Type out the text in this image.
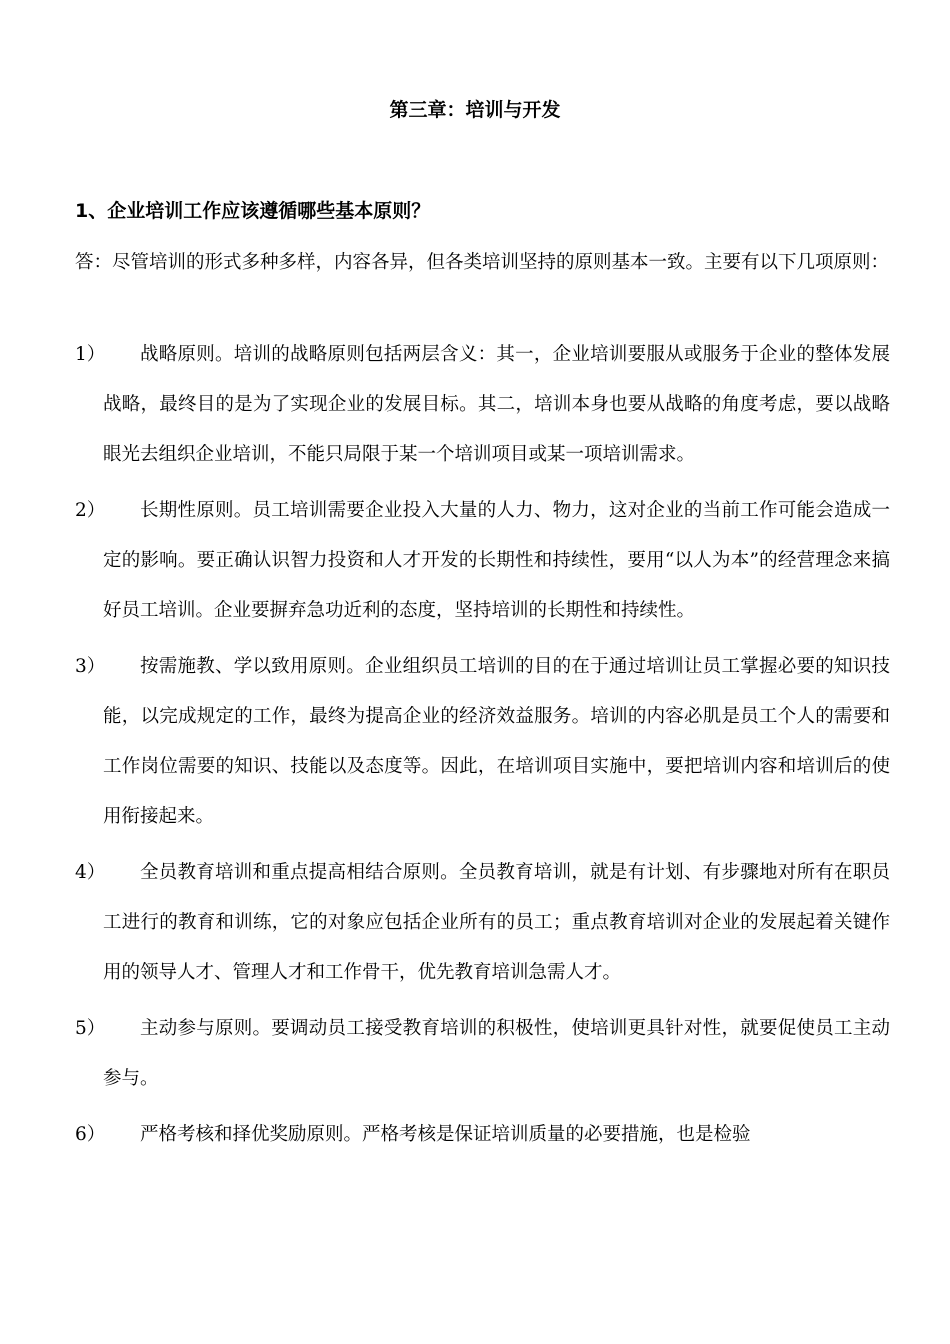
第三章：培训与开发
1、企业培训工作应该遵循哪些基本原则？
答：尽管培训的形式多种多样，内容各异，但各类培训坚持的原则基本一致。主要有以下几项原则：
1）	战略原则。培训的战略原则包括两层含义：其一，企业培训要服从或服务于企业的整体发展战略，最终目的是为了实现企业的发展目标。其二，培训本身也要从战略的角度考虑，要以战略眼光去组织企业培训，不能只局限于某一个培训项目或某一项培训需求。
2）	长期性原则。员工培训需要企业投入大量的人力、物力，这对企业的当前工作可能会造成一定的影响。要正确认识智力投资和人才开发的长期性和持续性，要用“以人为本”的经营理念来搞好员工培训。企业要摒弃急功近利的态度，坚持培训的长期性和持续性。
3）	按需施教、学以致用原则。企业组织员工培训的目的在于通过培训让员工掌握必要的知识技能，以完成规定的工作，最终为提高企业的经济效益服务。培训的内容必肌是员工个人的需要和工作岗位需要的知识、技能以及态度等。因此，在培训项目实施中，要把培训内容和培训后的使用衔接起来。
4）	全员教育培训和重点提高相结合原则。全员教育培训，就是有计划、有步骤地对所有在职员工进行的教育和训练，它的对象应包括企业所有的员工；重点教育培训对企业的发展起着关键作用的领导人才、管理人才和工作骨干，优先教育培训急需人才。
5）	主动参与原则。要调动员工接受教育培训的积极性，使培训更具针对性，就要促使员工主动参与。
6）	严格考核和择优奖励原则。严格考核是保证培训质量的必要措施，也是检验
